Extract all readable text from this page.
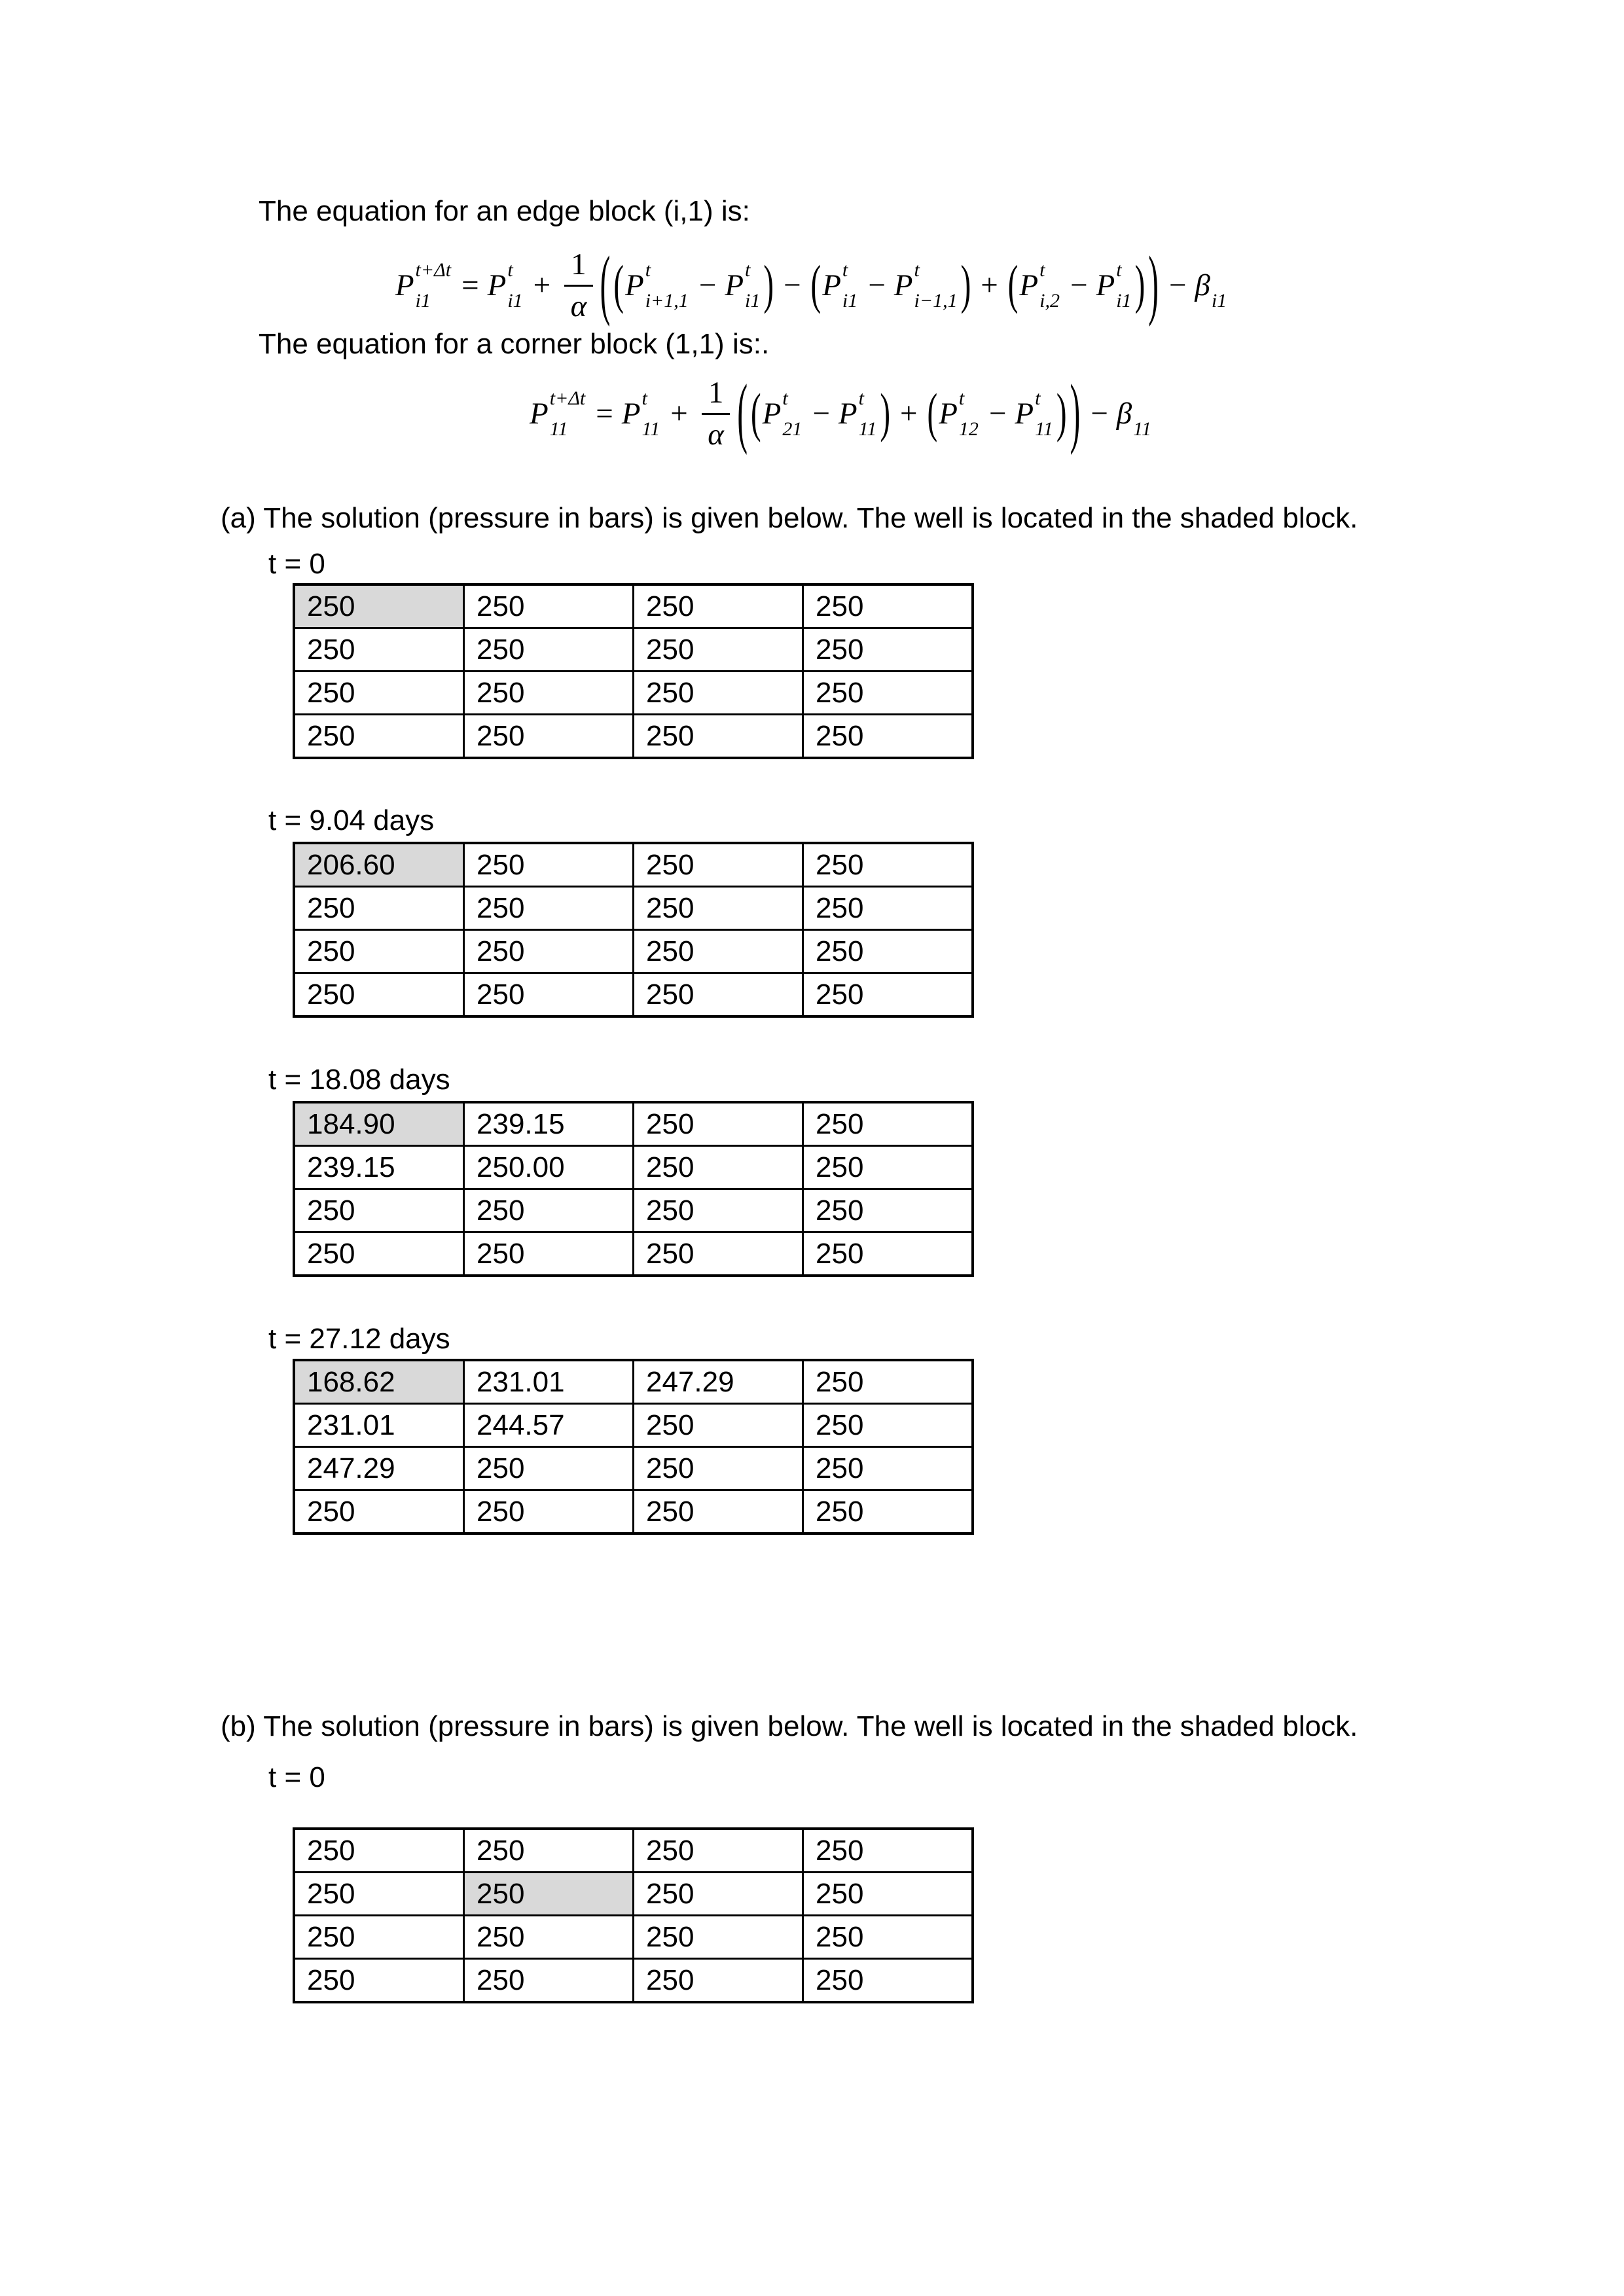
The equation for an edge block (i,1) is:
P t+Δt
i1	= P t
$i1 + \frac{1}{\alpha}$ ( ( P t
i+1,1 − P t
i1 ) − ( P t
i1 − P t
i−1,1 ) + ( P t
i,2 − P t
i1 ) ) − β
i1
The equation for a corner block (1,1) is:.
P t+Δt
11 = P t
$11 + \frac{1}{\alpha}$ ( ( P t
21 − P t
11 ) + ( P t
12 − P t
11 ) ) − β
11
(a) The solution (pressure in bars) is given below. The well is located in the shaded block.
t = 0
250	250	250	250
250	250	250	250
250	250	250	250
250	250	250	250
t = 9.04 days
206.60	250	250	250
250	250	250	250
250	250	250	250
250	250	250	250
t = 18.08 days
184.90	239.15	250	250
239.15	250.00	250	250
250	250	250	250
250	250	250	250
t = 27.12 days
168.62	231.01	247.29	250
231.01	244.57	250	250
247.29	250	250	250
250	250	250	250
(b) The solution (pressure in bars) is given below. The well is located in the shaded block.
t = 0
250	250	250	250
250	250	250	250
250	250	250	250
250	250	250	250
